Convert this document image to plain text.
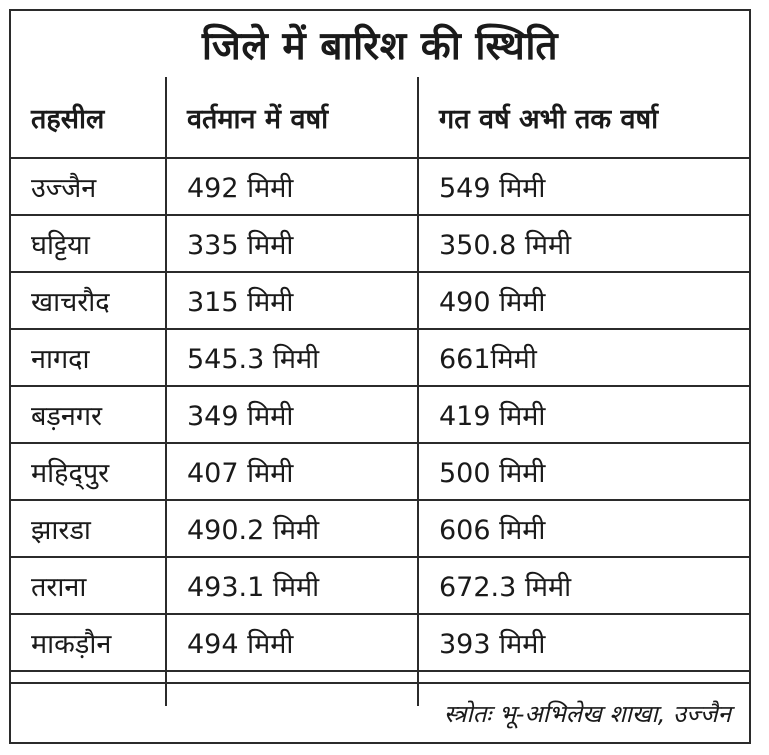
जिले में बारिश की स्थिति
तहसील	वर्तमान में वर्षा	गत वर्ष अभी तक वर्षा
उज्जैन	492 मिमी	549 मिमी
घट्टिया	335 मिमी	350.8 मिमी
खाचरौद	315 मिमी	490 मिमी
नागदा	545.3 मिमी	661मिमी
बड़नगर	349 मिमी	419 मिमी
महिद्पुर	407 मिमी	500 मिमी
झारडा	490.2 मिमी	606 मिमी
तराना	493.1 मिमी	672.3 मिमी
माकड़ौन	494 मिमी	393 मिमी

स्त्रोतः भू-अभिलेख शाखा, उज्जैन
